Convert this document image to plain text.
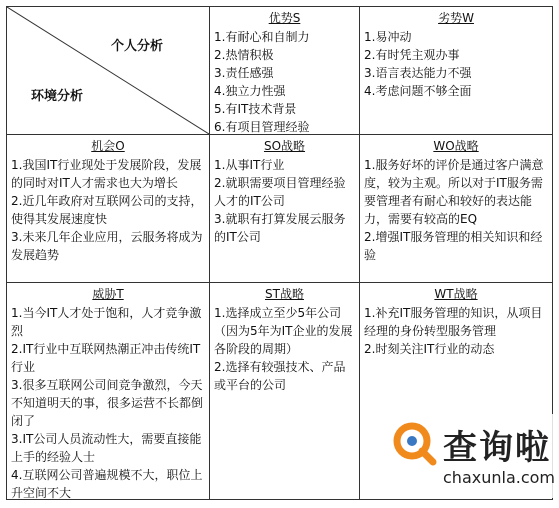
个人分析
环境分析
优势S
1.有耐心和自制力
2.热情积极
3.责任感强
4.独立力性强
5.有IT技术背景
6.有项目管理经验
劣势W
1.易冲动
2.有时凭主观办事
3.语言表达能力不强
4.考虑问题不够全面
机会O
1.我国IT行业现处于发展阶段，发展的同时对IT人才需求也大为增长
2.近几年政府对互联网公司的支持，使得其发展速度快
3.未来几年企业应用，云服务将成为发展趋势
SO战略
1.从事IT行业
2.就职需要项目管理经验人才的IT公司
3.就职有打算发展云服务的IT公司
WO战略
1.服务好坏的评价是通过客户满意度，较为主观。所以对于IT服务需要管理者有耐心和较好的表达能力，需要有较高的EQ
2.增强IT服务管理的相关知识和经验
威胁T
1.当今IT人才处于饱和，人才竞争激烈
2.IT行业中互联网热潮正冲击传统IT行业
3.很多互联网公司间竞争激烈，今天不知道明天的事，很多运营不长都倒闭了
3.IT公司人员流动性大，需要直接能上手的经验人士
4.互联网公司普遍规模不大，职位上升空间不大
ST战略
1.选择成立至少5年公司（因为5年为IT企业的发展各阶段的周期）
2.选择有较强技术、产品或平台的公司
WT战略
1.补充IT服务管理的知识，从项目经理的身份转型服务管理
2.时刻关注IT行业的动态
查询啦
chaxunla.com
